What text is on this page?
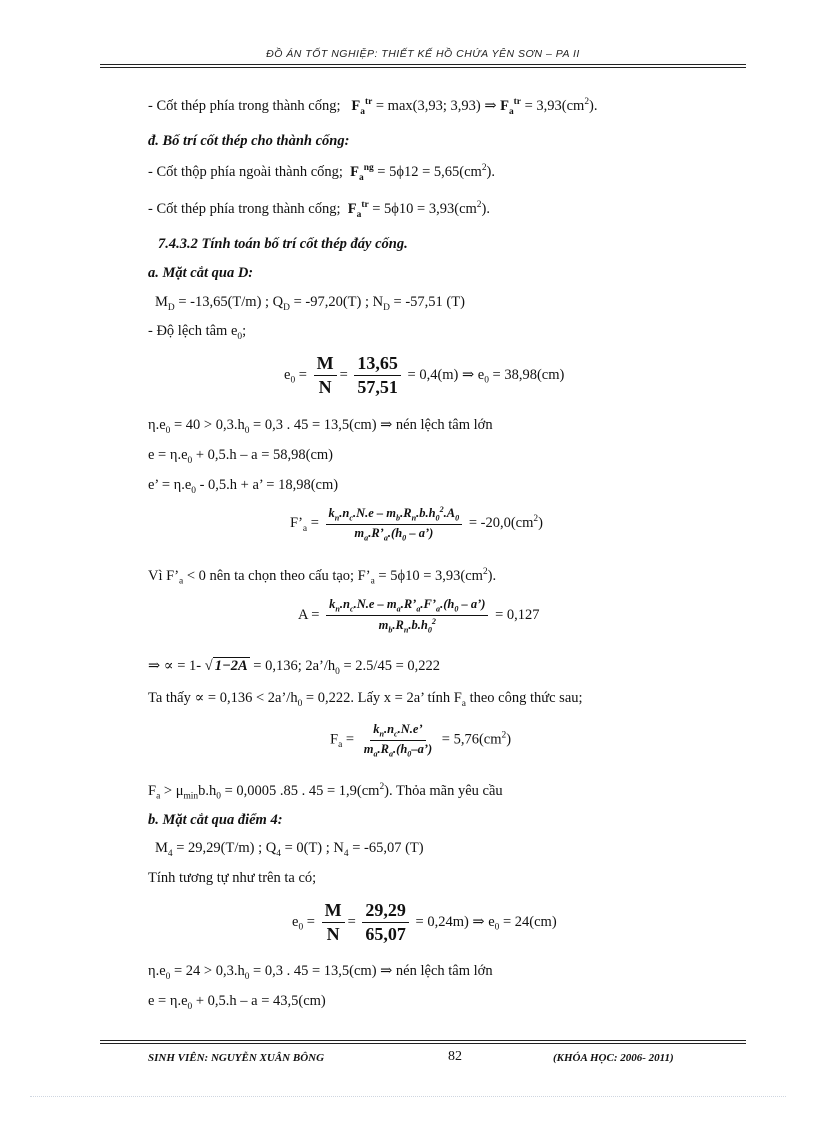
ĐỒ ÁN TỐT NGHIỆP: THIẾT KẾ HỒ CHỨA YÊN SƠN – PA II
- Cốt thép phía trong thành cống; $F_a^{tr} = \max(3,93$; 3,93) ⇒ $F_a^{tr} = 3,93(cm^2)$.
đ. Bố trí cốt thép cho thành cống:
- Cốt thộp phía ngoài thành cống; $F_a^{ng} = 5\phi 12 = 5,65(cm^2)$.
- Cốt thép phía trong thành cống; $F_a^{tr} = 5\phi 10 = 3,93(cm^2)$.
7.4.3.2 Tính toán bố trí cốt thép đáy cống.
a. Mặt cắt qua D:
$M_D = -13,65(T/m)$ ; $Q_D = -97,20(T)$ ; $N_D = -57,51$ (T)
- Độ lệch tâm $e_0$;
$e_0 = \frac{M}{N} = \frac{13,65}{57,51} = 0,4(m)$ ⇒ $e_0 = 38,98(cm)$
$\eta.e_0 = 40 > 0,3.h_0 = 0,3$ . 45 = 13,5(cm) ⇒ nén lệch tâm lớn
$e = \eta.e_0 + 0,5.h - a = 58,98(cm)$
e’ = $\eta.e_0 - 0,5.h + a$’ = 18,98(cm)
$F’_a = \frac{k_n.n_c.N.e - m_b.R_n.b.h_0^2.A_0}{m_a.R’_a.(h_0 - a’)} = -20,0(cm^2)$
Vì $F’_a < 0$ nên ta chọn theo cấu tạo; $F’_a = 5\phi 10 = 3,93(cm^2)$.
$A = \frac{k_n.n_c.N.e - m_a.R’_a.F’_a.(h_0 - a’)}{m_b.R_n.b.h_0^2} = 0,127$
⇒ ∝ = 1- √ 1−2A = 0,136; $2a’/h_0 = 2.5/45 = 0,222$
Ta thấy ∝ = $0,136 < 2a’/h_0 = 0,222$. Lấy x = 2a’ tính $F_a$ theo công thức sau;
$F_a = \frac{k_n.n_c.N.e’}{m_a.R_a.(h_0-a’)} = 5,76(cm^2)$
$F_a > \mu_{min}b.h_0 = 0,0005$ .85 . $45 = 1,9(cm^2)$. Thỏa mãn yêu cầu
b. Mặt cắt qua điểm 4:
$M_4 = 29,29(T/m)$ ; $Q_4 = 0(T)$ ; $N_4 = -65,07$ (T)
Tính tương tự như trên ta có;
$e_0 = \frac{M}{N} = \frac{29,29}{65,07} = 0,24m$) ⇒ $e_0 = 24(cm)$
$\eta.e_0 = 24 > 0,3.h_0 = 0,3$ . 45 = 13,5(cm) ⇒ nén lệch tâm lớn
$e = \eta.e_0 + 0,5.h - a = 43,5(cm)$
SINH VIÊN: NGUYỄN XUÂN BÔNG	82	(KHÓA HỌC: 2006- 2011)
